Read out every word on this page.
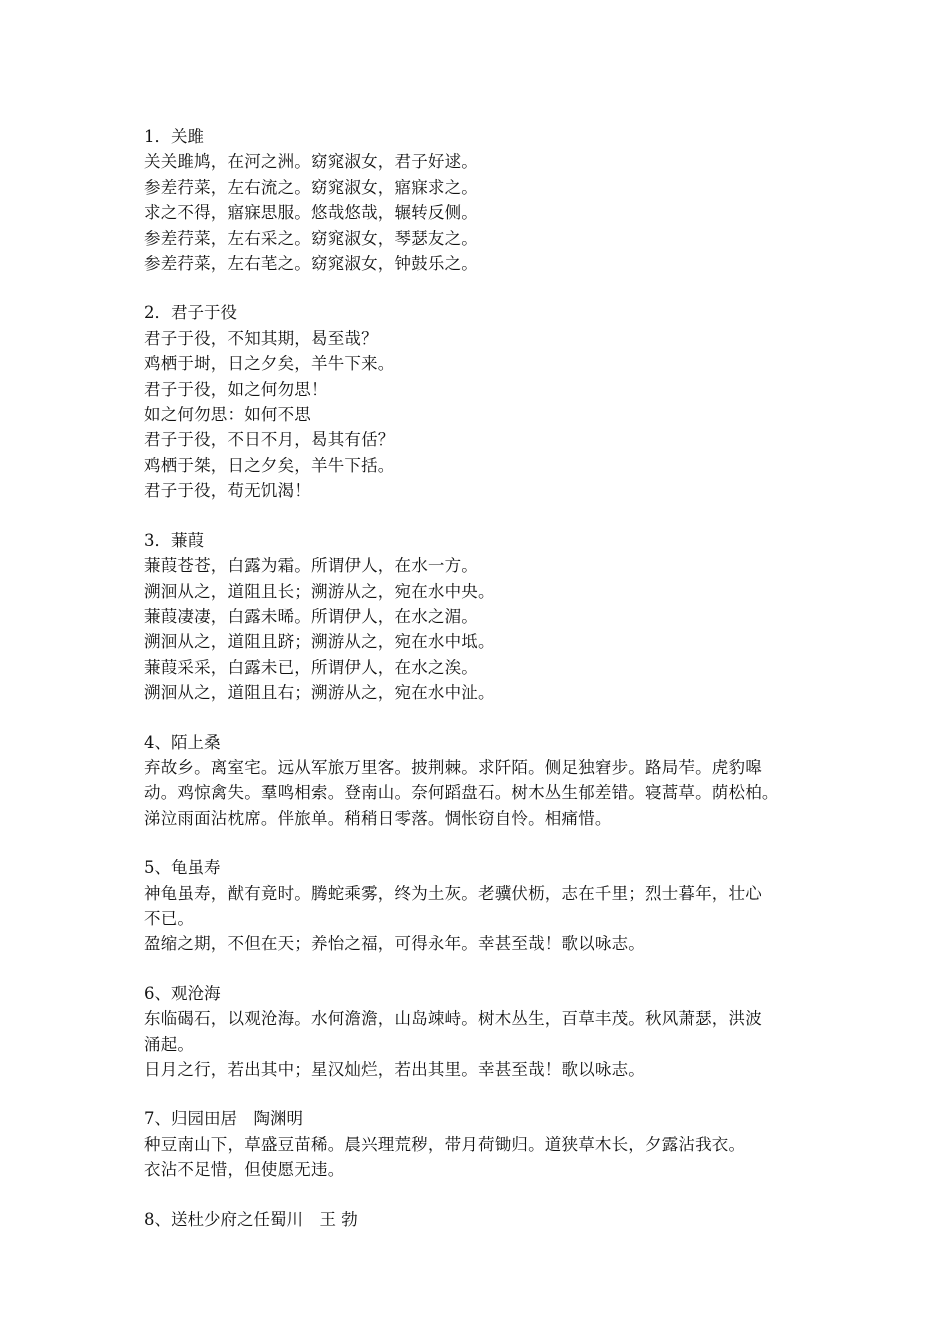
1．关雎
关关雎鸠，在河之洲。窈窕淑女，君子好逑。
参差荇菜，左右流之。窈窕淑女，寤寐求之。
求之不得，寤寐思服。悠哉悠哉，辗转反侧。
参差荇菜，左右采之。窈窕淑女，琴瑟友之。
参差荇菜，左右芼之。窈窕淑女，钟鼓乐之。
2．君子于役
君子于役，不知其期，曷至哉？
鸡栖于埘，日之夕矣，羊牛下来。
君子于役，如之何勿思！
如之何勿思：如何不思
君子于役，不日不月，曷其有佸？
鸡栖于桀，日之夕矣，羊牛下括。
君子于役，苟无饥渴！
3．蒹葭
蒹葭苍苍，白露为霜。所谓伊人，在水一方。
溯洄从之，道阻且长；溯游从之，宛在水中央。
蒹葭凄凄，白露未晞。所谓伊人，在水之湄。
溯洄从之，道阻且跻；溯游从之，宛在水中坻。
蒹葭采采，白露未已，所谓伊人，在水之涘。
溯洄从之，道阻且右；溯游从之，宛在水中沚。
4、陌上桑
弃故乡。离室宅。远从军旅万里客。披荆棘。求阡陌。侧足独窘步。路局苲。虎豹嗥
动。鸡惊禽失。羣鸣相索。登南山。奈何蹈盘石。树木丛生郁差错。寝蒿草。荫松柏。
涕泣雨面沾枕席。伴旅单。稍稍日零落。惆怅窃自怜。相痛惜。
5、龟虽寿
神龟虽寿，猷有竟时。腾蛇乘雾，终为土灰。老骥伏枥，志在千里；烈士暮年，壮心
不已。
盈缩之期，不但在天；养怡之福，可得永年。幸甚至哉！歌以咏志。
6、观沧海
东临碣石，以观沧海。水何澹澹，山岛竦峙。树木丛生，百草丰茂。秋风萧瑟，洪波
涌起。
日月之行，若出其中；星汉灿烂，若出其里。幸甚至哉！歌以咏志。
7、归园田居　陶渊明
种豆南山下，草盛豆苗稀。晨兴理荒秽，带月荷锄归。道狭草木长，夕露沾我衣。
衣沾不足惜，但使愿无违。
8、送杜少府之任蜀川　王 勃
